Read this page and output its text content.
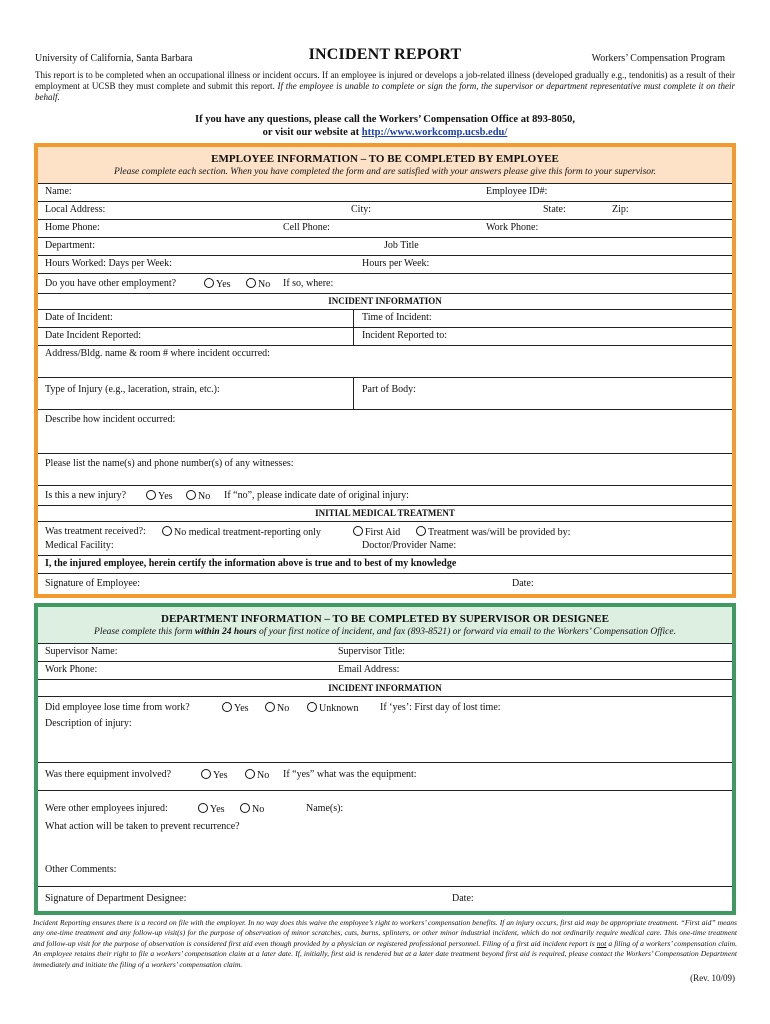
University of California, Santa Barbara	INCIDENT REPORT	Workers’ Compensation Program
This report is to be completed when an occupational illness or incident occurs. If an employee is injured or develops a job-related illness (developed gradually e.g., tendonitis) as a result of their employment at UCSB they must complete and submit this report. If the employee is unable to complete or sign the form, the supervisor or department representative must complete it on their behalf.
If you have any questions, please call the Workers’ Compensation Office at 893-8050,
or visit our website at http://www.workcomp.ucsb.edu/
EMPLOYEE INFORMATION – TO BE COMPLETED BY EMPLOYEE
Please complete each section. When you have completed the form and are satisfied with your answers please give this form to your supervisor.
Name:	Employee ID#:
Local Address:	City:	State:	Zip:
Home Phone:	Cell Phone:	Work Phone:
Department:	Job Title
Hours Worked: Days per Week:	Hours per Week:
Do you have other employment?	Yes	No If so, where:
INCIDENT INFORMATION
Date of Incident:	Time of Incident:
Date Incident Reported:	Incident Reported to:
Address/Bldg. name & room # where incident occurred:
Type of Injury (e.g., laceration, strain, etc.):	Part of Body:
Describe how incident occurred:
Please list the name(s) and phone number(s) of any witnesses:
Is this a new injury?	Yes	No If “no”, please indicate date of original injury:
INITIAL MEDICAL TREATMENT
Was treatment received?:	No medical treatment-reporting only	First Aid	Treatment was/will be provided by:
Medical Facility:	Doctor/Provider Name:
I, the injured employee, herein certify the information above is true and to best of my knowledge
Signature of Employee:	Date:
DEPARTMENT INFORMATION – TO BE COMPLETED BY SUPERVISOR OR DESIGNEE
Please complete this form within 24 hours of your first notice of incident, and fax (893-8521) or forward via email to the Workers’ Compensation Office.
Supervisor Name:	Supervisor Title:
Work Phone:	Email Address:
INCIDENT INFORMATION
Did employee lose time from work?	Yes	No	Unknown If ‘yes’: First day of lost time:
Description of injury:
Was there equipment involved?	Yes	No If “yes” what was the equipment:
Were other employees injured:	Yes	No	Name(s):
What action will be taken to prevent recurrence?
Other Comments:
Signature of Department Designee:	Date:
Incident Reporting ensures there is a record on file with the employer. In no way does this waive the employee’s right to workers’ compensation benefits. If an injury occurs, first aid may be appropriate treatment. “First aid” means any one-time treatment and any follow-up visit(s) for the purpose of observation of minor scratches, cuts, burns, splinters, or other minor industrial incident, which do not ordinarily require medical care. This one-time treatment and follow-up visit for the purpose of observation is considered first aid even though provided by a physician or registered professional personnel. Filing of a first aid incident report is not a filing of a workers’ compensation claim. An employee retains their right to file a workers’ compensation claim at a later date. If, initially, first aid is rendered but at a later date treatment beyond first aid is required, please contact the Workers’ Compensation Department immediately and initiate the filing of a workers’ compensation claim.
(Rev. 10/09)
